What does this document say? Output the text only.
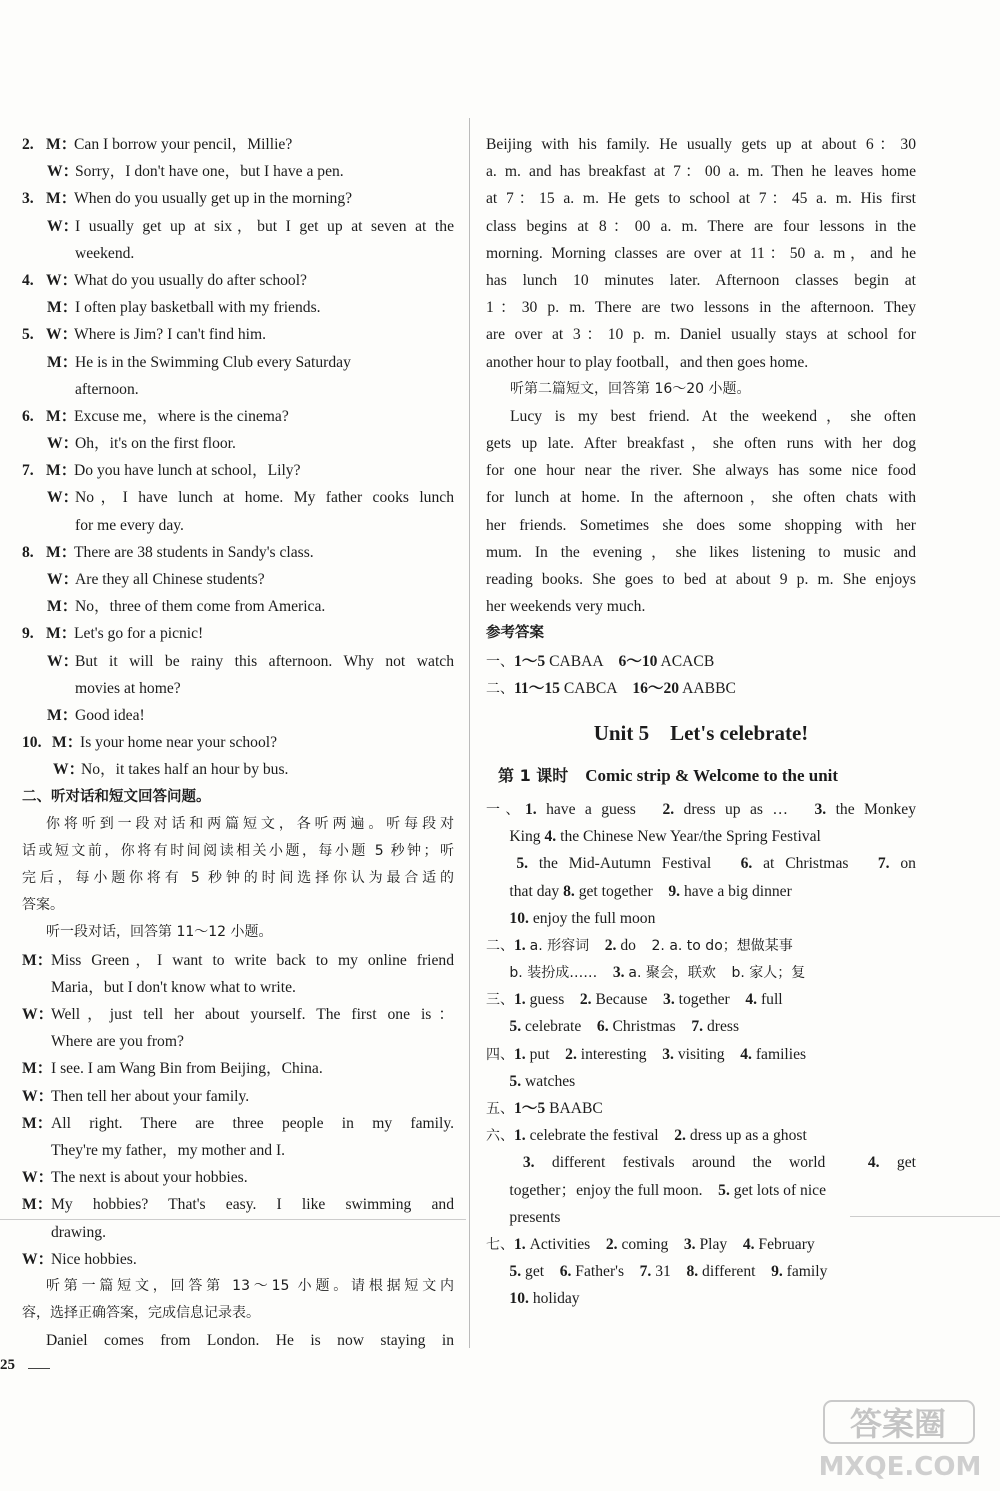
2. M：
Can I borrow your pencil，Millie?
W：
Sorry，I don't have one，but I have a pen.
3. M：
When do you usually get up in the morning?
W：
I usually get up at six，but I get up at seven at the
weekend.
4. W：
What do you usually do after school?
M：
I often play basketball with my friends.
5. W：
Where is Jim? I can't find him.
M：
He is in the Swimming Club every Saturday
afternoon.
6. M：
Excuse me，where is the cinema?
W：
Oh，it's on the first floor.
7. M：
Do you have lunch at school，Lily?
W：
No，I have lunch at home. My father cooks lunch
for me every day.
8. M：
There are 38 students in Sandy's class.
W：
Are they all Chinese students?
M：
No，three of them come from America.
9. M：
Let's go for a picnic!
W：
But it will be rainy this afternoon. Why not watch
movies at home?
M：
Good idea!
10. M：
Is your home near your school?
W：
No，it takes half an hour by bus.
二、听对话和短文回答问题。
你将听到一段对话和两篇短文，各听两遍。听每段对
话或短文前，你将有时间阅读相关小题，每小题 5 秒钟；听
完后，每小题你将有 5 秒钟的时间选择你认为最合适的
答案。
听一段对话，回答第 11～12 小题。
M：
Miss Green，I want to write back to my online friend
Maria，but I don't know what to write.
W：
Well，just tell her about yourself. The first one is：
Where are you from?
M：
I see. I am Wang Bin from Beijing，China.
W：
Then tell her about your family.
M：
All right. There are three people in my family.
They're my father，my mother and I.
W：
The next is about your hobbies.
M：
My hobbies? That's easy. I like swimming and
drawing.
W：
Nice hobbies.
听第一篇短文，回答第 13～15 小题。请根据短文内
容，选择正确答案，完成信息记录表。
Daniel comes from London. He is now staying in
Beijing with his family. He usually gets up at about 6：30
a. m. and has breakfast at 7：00 a. m. Then he leaves home
at 7：15 a. m. He gets to school at 7：45 a. m. His first
class begins at 8：00 a. m. There are four lessons in the
morning. Morning classes are over at 11：50 a. m，and he
has lunch 10 minutes later. Afternoon classes begin at
1：30 p. m. There are two lessons in the afternoon. They
are over at 3：10 p. m. Daniel usually stays at school for
another hour to play football，and then goes home.
听第二篇短文，回答第 16～20 小题。
Lucy is my best friend. At the weekend，she often
gets up late. After breakfast，she often runs with her dog
for one hour near the river. She always has some nice food
for lunch at home. In the afternoon，she often chats with
her friends. Sometimes she does some shopping with her
mum. In the evening，she likes listening to music and
reading books. She goes to bed at about 9 p. m. She enjoys
her weekends very much.
参考答案
一、1～5 CABAA　 6～10 ACACB
二、11～15 CABCA　 16～20 AABBC
Unit 5　Let's celebrate!
第 1 课时　 Comic strip & Welcome to the unit
一、1. have a guess　 2. dress up as …　 3. the Monkey
　 King 4. the Chinese New Year/the Spring Festival
　 5. the Mid-Autumn Festival　 6. at Christmas　 7. on
　 that day 8. get together　 9. have a big dinner
　 10. enjoy the full moon
二、1. a. 形容词　 2. do　 2. a. to do；想做某事
　 b. 装扮成……　 3. a. 聚会，联欢　 b. 家人；复
三、1. guess　 2. Because　 3. together　 4. full
　 5. celebrate　 6. Christmas　 7. dress
四、1. put　 2. interesting　 3. visiting　 4. families
　 5. watches
五、1～5 BAABC
六、1. celebrate the festival　 2. dress up as a ghost
　 3. different festivals around the world　	4. get
　 together；enjoy the full moon.　 5. get lots of nice
　 presents
七、1. Activities　 2. coming　 3. Play　 4. February
　 5. get　 6. Father's　 7. 31　 8. different　 9. family
　 10. holiday
25
答案圈
MXQE.COM
